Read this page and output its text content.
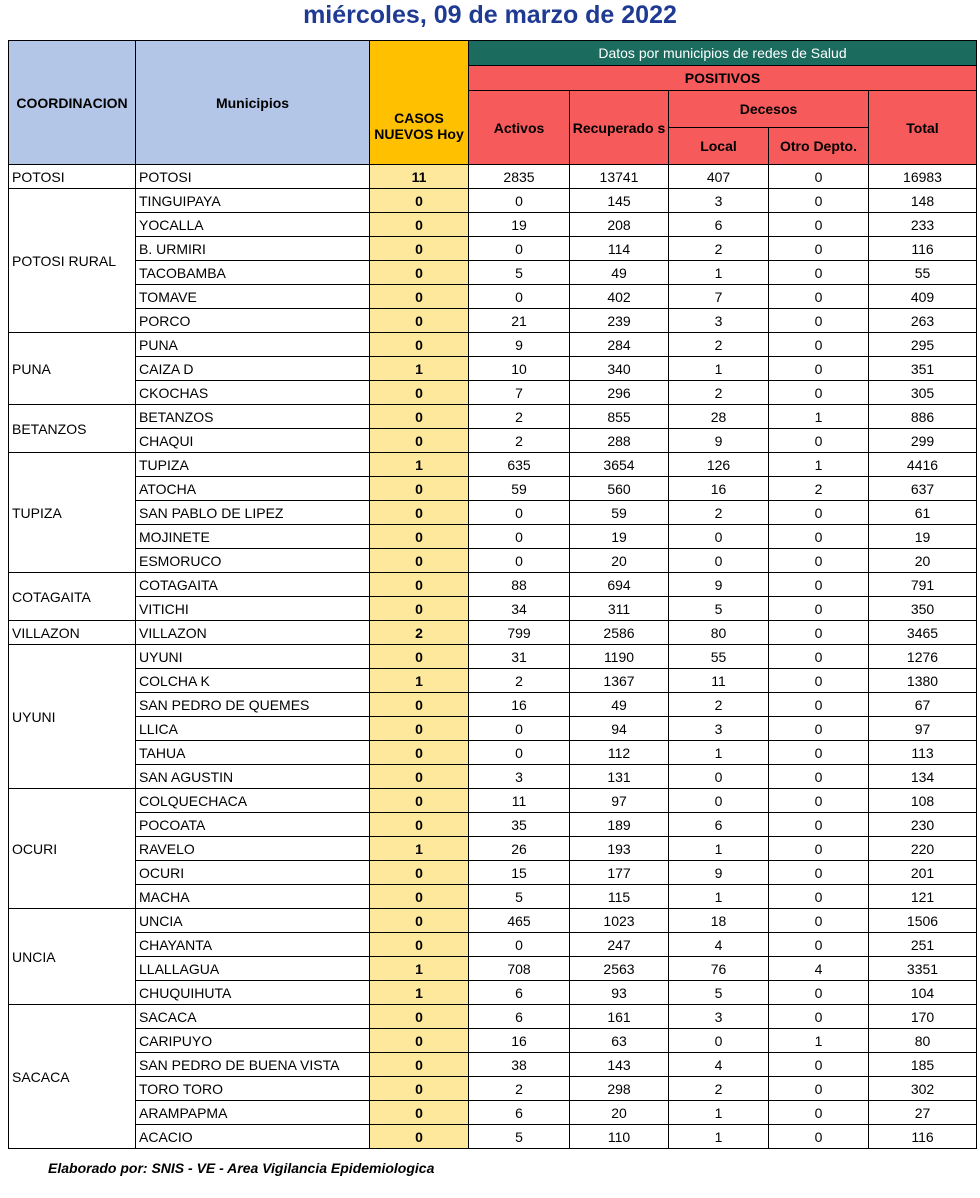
miércoles, 09 de marzo de 2022
COORDINACION	Municipios	CASOS
NUEVOS Hoy	Datos por municipios de redes de Salud				
			POSITIVOS				
			Activos	Recuperado s	Decesos		Total
					Local	Otro Depto.	
POTOSI	POTOSI	11	2835	13741	407	0	16983
POTOSI RURAL	TINGUIPAYA	0	0	145	3	0	148
	YOCALLA	0	19	208	6	0	233
	B. URMIRI	0	0	114	2	0	116
	TACOBAMBA	0	5	49	1	0	55
	TOMAVE	0	0	402	7	0	409
	PORCO	0	21	239	3	0	263
PUNA	PUNA	0	9	284	2	0	295
	CAIZA D	1	10	340	1	0	351
	CKOCHAS	0	7	296	2	0	305
BETANZOS	BETANZOS	0	2	855	28	1	886
	CHAQUI	0	2	288	9	0	299
TUPIZA	TUPIZA	1	635	3654	126	1	4416
	ATOCHA	0	59	560	16	2	637
	SAN PABLO DE LIPEZ	0	0	59	2	0	61
	MOJINETE	0	0	19	0	0	19
	ESMORUCO	0	0	20	0	0	20
COTAGAITA	COTAGAITA	0	88	694	9	0	791
	VITICHI	0	34	311	5	0	350
VILLAZON	VILLAZON	2	799	2586	80	0	3465
UYUNI	UYUNI	0	31	1190	55	0	1276
	COLCHA K	1	2	1367	11	0	1380
	SAN PEDRO DE QUEMES	0	16	49	2	0	67
	LLICA	0	0	94	3	0	97
	TAHUA	0	0	112	1	0	113
	SAN AGUSTIN	0	3	131	0	0	134
OCURI	COLQUECHACA	0	11	97	0	0	108
	POCOATA	0	35	189	6	0	230
	RAVELO	1	26	193	1	0	220
	OCURI	0	15	177	9	0	201
	MACHA	0	5	115	1	0	121
UNCIA	UNCIA	0	465	1023	18	0	1506
	CHAYANTA	0	0	247	4	0	251
	LLALLAGUA	1	708	2563	76	4	3351
	CHUQUIHUTA	1	6	93	5	0	104
SACACA	SACACA	0	6	161	3	0	170
	CARIPUYO	0	16	63	0	1	80
	SAN PEDRO DE BUENA VISTA	0	38	143	4	0	185
	TORO TORO	0	2	298	2	0	302
	ARAMPAPMA	0	6	20	1	0	27
	ACACIO	0	5	110	1	0	116
Elaborado por: SNIS - VE - Area Vigilancia Epidemiologica
